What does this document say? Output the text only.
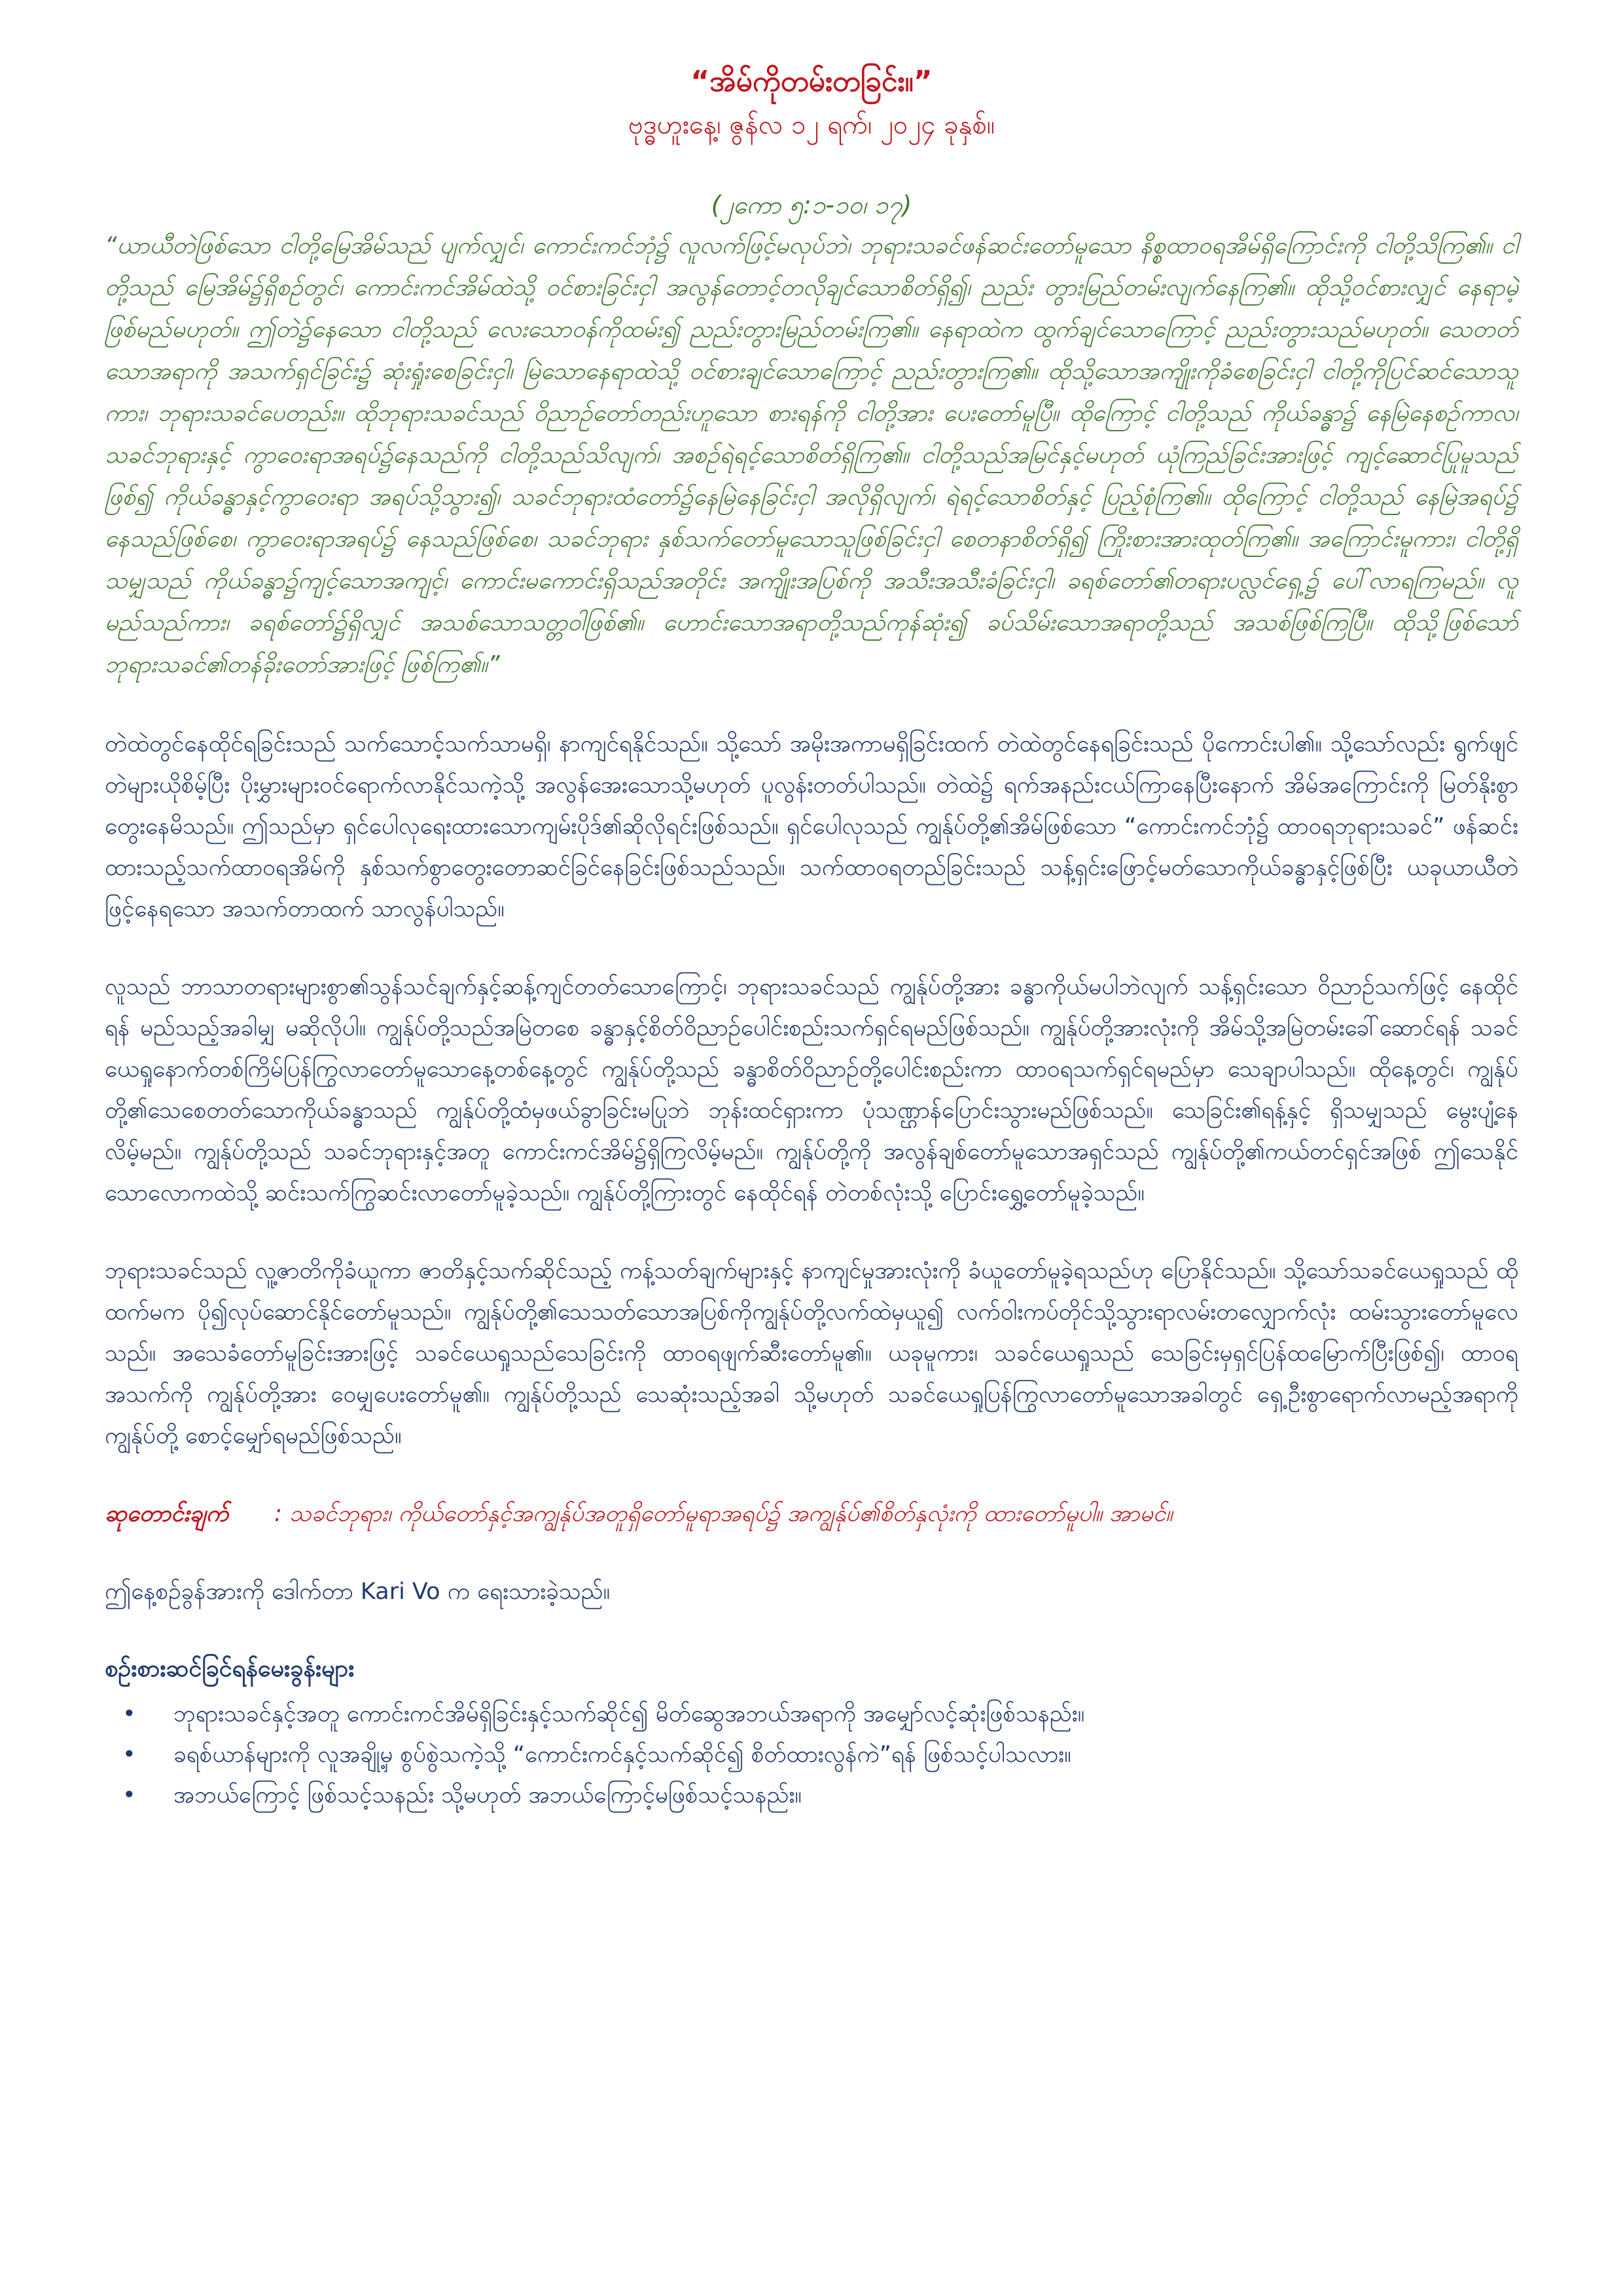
“အိမ်ကိုတမ်းတခြင်း။”

ဗုဒ္ဓဟူးနေ့၊ ဇွန်လ ၁၂ ရက်၊ ၂၀၂၄ ခုနှစ်။

(၂ကော ၅:၁-၁၀၊ ၁၇)

“ယာယီတဲဖြစ်သော ငါတို့မြေအိမ်သည် ပျက်လျှင်၊ ကောင်းကင်ဘုံ၌ လူလက်ဖြင့်မလုပ်ဘဲ၊ ဘုရားသခင်ဖန်ဆင်းတော်မူသော နိစ္စထာဝရအိမ်ရှိကြောင်းကို ငါတို့သိကြ၏။ ငါတို့သည် မြေအိမ်၌ရှိစဉ်တွင်၊ ကောင်းကင်အိမ်ထဲသို့ ဝင်စားခြင်းငှါ အလွန်တောင့်တလိုချင်သောစိတ်ရှိ၍၊ ညည်း တွားမြည်တမ်းလျက်နေကြ၏။ ထိုသို့ဝင်စားလျှင် နေရာမဲ့ဖြစ်မည်မဟုတ်။ ဤတဲ၌နေသော ငါတို့သည် လေးသောဝန်ကိုထမ်း၍ ညည်းတွားမြည်တမ်းကြ၏။ နေရာထဲက ထွက်ချင်သောကြောင့် ညည်းတွားသည်မဟုတ်။ သေတတ်သောအရာကို အသက်ရှင်ခြင်း၌ ဆုံးရှုံးစေခြင်းငှါ၊ မြဲသောနေရာထဲသို့ ဝင်စားချင်သောကြောင့် ညည်းတွားကြ၏။ ထိုသို့သောအကျိုးကိုခံစေခြင်းငှါ ငါတို့ကိုပြင်ဆင်သောသူကား၊ ဘုရားသခင်ပေတည်း။ ထိုဘုရားသခင်သည် ဝိညာဉ်တော်တည်းဟူသော စားရန်ကို ငါတို့အား ပေးတော်မူပြီ။ ထိုကြောင့် ငါတို့သည် ကိုယ်ခန္ဓာ၌ နေမြဲနေစဉ်ကာလ၊ သခင်ဘုရားနှင့် ကွာဝေးရာအရပ်၌နေသည်ကို ငါတို့သည်သိလျက်၊ အစဉ်ရဲရင့်သောစိတ်ရှိကြ၏။ ငါတို့သည်အမြင်နှင့်မဟုတ် ယုံကြည်ခြင်းအားဖြင့် ကျင့်ဆောင်ပြုမူသည်ဖြစ်၍ ကိုယ်ခန္ဓာနှင့်ကွာဝေးရာ အရပ်သို့သွား၍၊ သခင်ဘုရားထံတော်၌နေမြဲနေခြင်းငှါ အလိုရှိလျက်၊ ရဲရင့်သောစိတ်နှင့် ပြည့်စုံကြ၏။ ထိုကြောင့် ငါတို့သည် နေမြဲအရပ်၌ နေသည်ဖြစ်စေ၊ ကွာဝေးရာအရပ်၌ နေသည်ဖြစ်စေ၊ သခင်ဘုရား နှစ်သက်တော်မူသောသူဖြစ်ခြင်းငှါ စေတနာစိတ်ရှိ၍ ကြိုးစားအားထုတ်ကြ၏။ အကြောင်းမူကား၊ ငါတို့ရှိသမျှသည် ကိုယ်ခန္ဓာ၌ကျင့်သောအကျင့်၊ ကောင်းမကောင်းရှိသည်အတိုင်း အကျိုးအပြစ်ကို အသီးအသီးခံခြင်းငှါ၊ ခရစ်တော်၏တရားပလ္လင်ရှေ့၌ ပေါ်လာရကြမည်။ လူမည်သည်ကား၊ ခရစ်တော်၌ရှိလျှင် အသစ်သောသတ္တဝါဖြစ်၏။ ဟောင်းသောအရာတို့သည်ကုန်ဆုံး၍ ခပ်သိမ်းသောအရာတို့သည် အသစ်ဖြစ်ကြပြီ။ ထိုသို့ဖြစ်သော် ဘုရားသခင်၏တန်ခိုးတော်အားဖြင့် ဖြစ်ကြ၏။”

တဲထဲတွင်နေထိုင်ရခြင်းသည် သက်သောင့်သက်သာမရှိ၊ နာကျင်ရနိုင်သည်။ သို့သော် အမိုးအကာမရှိခြင်းထက် တဲထဲတွင်နေရခြင်းသည် ပိုကောင်းပါ၏။ သို့သော်လည်း ရွက်ဖျင်တဲများယိုစိမ့်ပြီး ပိုးမွှားများဝင်ရောက်လာနိုင်သကဲ့သို့ အလွန်အေးသောသို့မဟုတ် ပူလွန်းတတ်ပါသည်။ တဲထဲ၌ ရက်အနည်းငယ်ကြာနေပြီးနောက် အိမ်အကြောင်းကို မြတ်နိုးစွာတွေးနေမိသည်။ ဤသည်မှာ ရှင်ပေါလုရေးထားသောကျမ်းပိုဒ်၏ဆိုလိုရင်းဖြစ်သည်။ ရှင်ပေါလုသည် ကျွန်ုပ်တို့၏အိမ်ဖြစ်သော “ကောင်းကင်ဘုံ၌ ထာဝရဘုရားသခင်” ဖန်ဆင်းထားသည့်သက်ထာဝရအိမ်ကို နှစ်သက်စွာတွေးတောဆင်ခြင်နေခြင်းဖြစ်သည်သည်။ သက်ထာဝရတည်ခြင်းသည် သန့်ရှင်းဖြောင့်မတ်သောကိုယ်ခန္ဓာနှင့်ဖြစ်ပြီး ယခုယာယီတဲဖြင့်နေရသော အသက်တာထက် သာလွန်ပါသည်။

လူသည် ဘာသာတရားများစွာ၏သွန်သင်ချက်နှင့်ဆန့်ကျင်တတ်သောကြောင့်၊ ဘုရားသခင်သည် ကျွန်ုပ်တို့အား ခန္ဓာကိုယ်မပါဘဲလျက် သန့်ရှင်းသော ဝိညာဉ်သက်ဖြင့် နေထိုင်ရန် မည်သည့်အခါမျှ မဆိုလိုပါ။ ကျွန်ုပ်တို့သည်အမြဲတစေ ခန္ဓာနှင့်စိတ်ဝိညာဉ်ပေါင်းစည်းသက်ရှင်ရမည်ဖြစ်သည်။ ကျွန်ုပ်တို့အားလုံးကို အိမ်သို့အမြဲတမ်းခေါ်ဆောင်ရန် သခင်ယေရှုနောက်တစ်ကြိမ်ပြန်ကြွလာတော်မူသောနေ့တစ်နေ့တွင် ကျွန်ုပ်တို့သည် ခန္ဓာစိတ်ဝိညာဉ်တို့ပေါင်းစည်းကာ ထာဝရသက်ရှင်ရမည်မှာ သေချာပါသည်။ ထိုနေ့တွင်၊ ကျွန်ုပ်တို့၏သေစေတတ်သောကိုယ်ခန္ဓာသည် ကျွန်ုပ်တို့ထံမှဖယ်ခွာခြင်းမပြုဘဲ ဘုန်းထင်ရှားကာ ပုံသဏ္ဌာန်ပြောင်းသွားမည်ဖြစ်သည်။ သေခြင်း၏ရန့်နှင့် ရှိသမျှသည် မွေးပျံ့နေလိမ့်မည်။ ကျွန်ုပ်တို့သည် သခင်ဘုရားနှင့်အတူ ကောင်းကင်အိမ်၌ရှိကြလိမ့်မည်။ ကျွန်ုပ်တို့ကို အလွန်ချစ်တော်မူသောအရှင်သည် ကျွန်ုပ်တို့၏ကယ်တင်ရှင်အဖြစ် ဤသေနိုင်သောလောကထဲသို့ ဆင်းသက်ကြွဆင်းလာတော်မူခဲ့သည်။ ကျွန်ုပ်တို့ကြားတွင် နေထိုင်ရန် တဲတစ်လုံးသို့ ပြောင်းရွှေ့တော်မူခဲ့သည်။

ဘုရားသခင်သည် လူ့ဇာတိကိုခံယူကာ ဇာတိနှင့်သက်ဆိုင်သည့် ကန့်သတ်ချက်များနှင့် နာကျင်မှုအားလုံးကို ခံယူတော်မူခဲ့ရသည်ဟု ပြောနိုင်သည်။ သို့သော်သခင်ယေရှုသည် ထိုထက်မက ပို၍လုပ်ဆောင်နိုင်တော်မူသည်။ ကျွန်ုပ်တို့၏သေသတ်သောအပြစ်ကိုကျွန်ုပ်တို့လက်ထဲမှယူ၍ လက်ဝါးကပ်တိုင်သို့သွားရာလမ်းတလျှောက်လုံး ထမ်းသွားတော်မူလေသည်။ အသေခံတော်မူခြင်းအားဖြင့် သခင်ယေရှုသည်သေခြင်းကို ထာဝရဖျက်ဆီးတော်မူ၏။ ယခုမူကား၊ သခင်ယေရှုသည် သေခြင်းမှရှင်ပြန်ထမြောက်ပြီးဖြစ်၍၊ ထာဝရအသက်ကို ကျွန်ုပ်တို့အား ဝေမျှပေးတော်မူ၏။ ကျွန်ုပ်တို့သည် သေဆုံးသည့်အခါ သို့မဟုတ် သခင်ယေရှုပြန်ကြွလာတော်မူသောအခါတွင် ရှေ့ဦးစွာရောက်လာမည့်အရာကို ကျွန်ုပ်တို့ စောင့်မျှော်ရမည်ဖြစ်သည်။

ဆုတောင်းချက် : သခင်ဘုရား၊ ကိုယ်တော်နှင့်အကျွန်ုပ်အတူရှိတော်မူရာအရပ်၌ အကျွန်ုပ်၏စိတ်နှလုံးကို ထားတော်မူပါ။ အာမင်။

ဤနေ့စဉ်ခွန်အားကို ဒေါက်တာ Kari Vo က ရေးသားခဲ့သည်။

စဉ်းစားဆင်ခြင်ရန်မေးခွန်းများ

• ဘုရားသခင်နှင့်အတူ ကောင်းကင်အိမ်ရှိခြင်းနှင့်သက်ဆိုင်၍ မိတ်ဆွေအဘယ်အရာကို အမျှော်လင့်ဆုံးဖြစ်သနည်း။
• ခရစ်ယာန်များကို လူအချို့မှ စွပ်စွဲသကဲ့သို့ “ကောင်းကင်နှင့်သက်ဆိုင်၍ စိတ်ထားလွန်ကဲ”ရန် ဖြစ်သင့်ပါသလား။
• အဘယ်ကြောင့် ဖြစ်သင့်သနည်း သို့မဟုတ် အဘယ်ကြောင့်မဖြစ်သင့်သနည်း။
